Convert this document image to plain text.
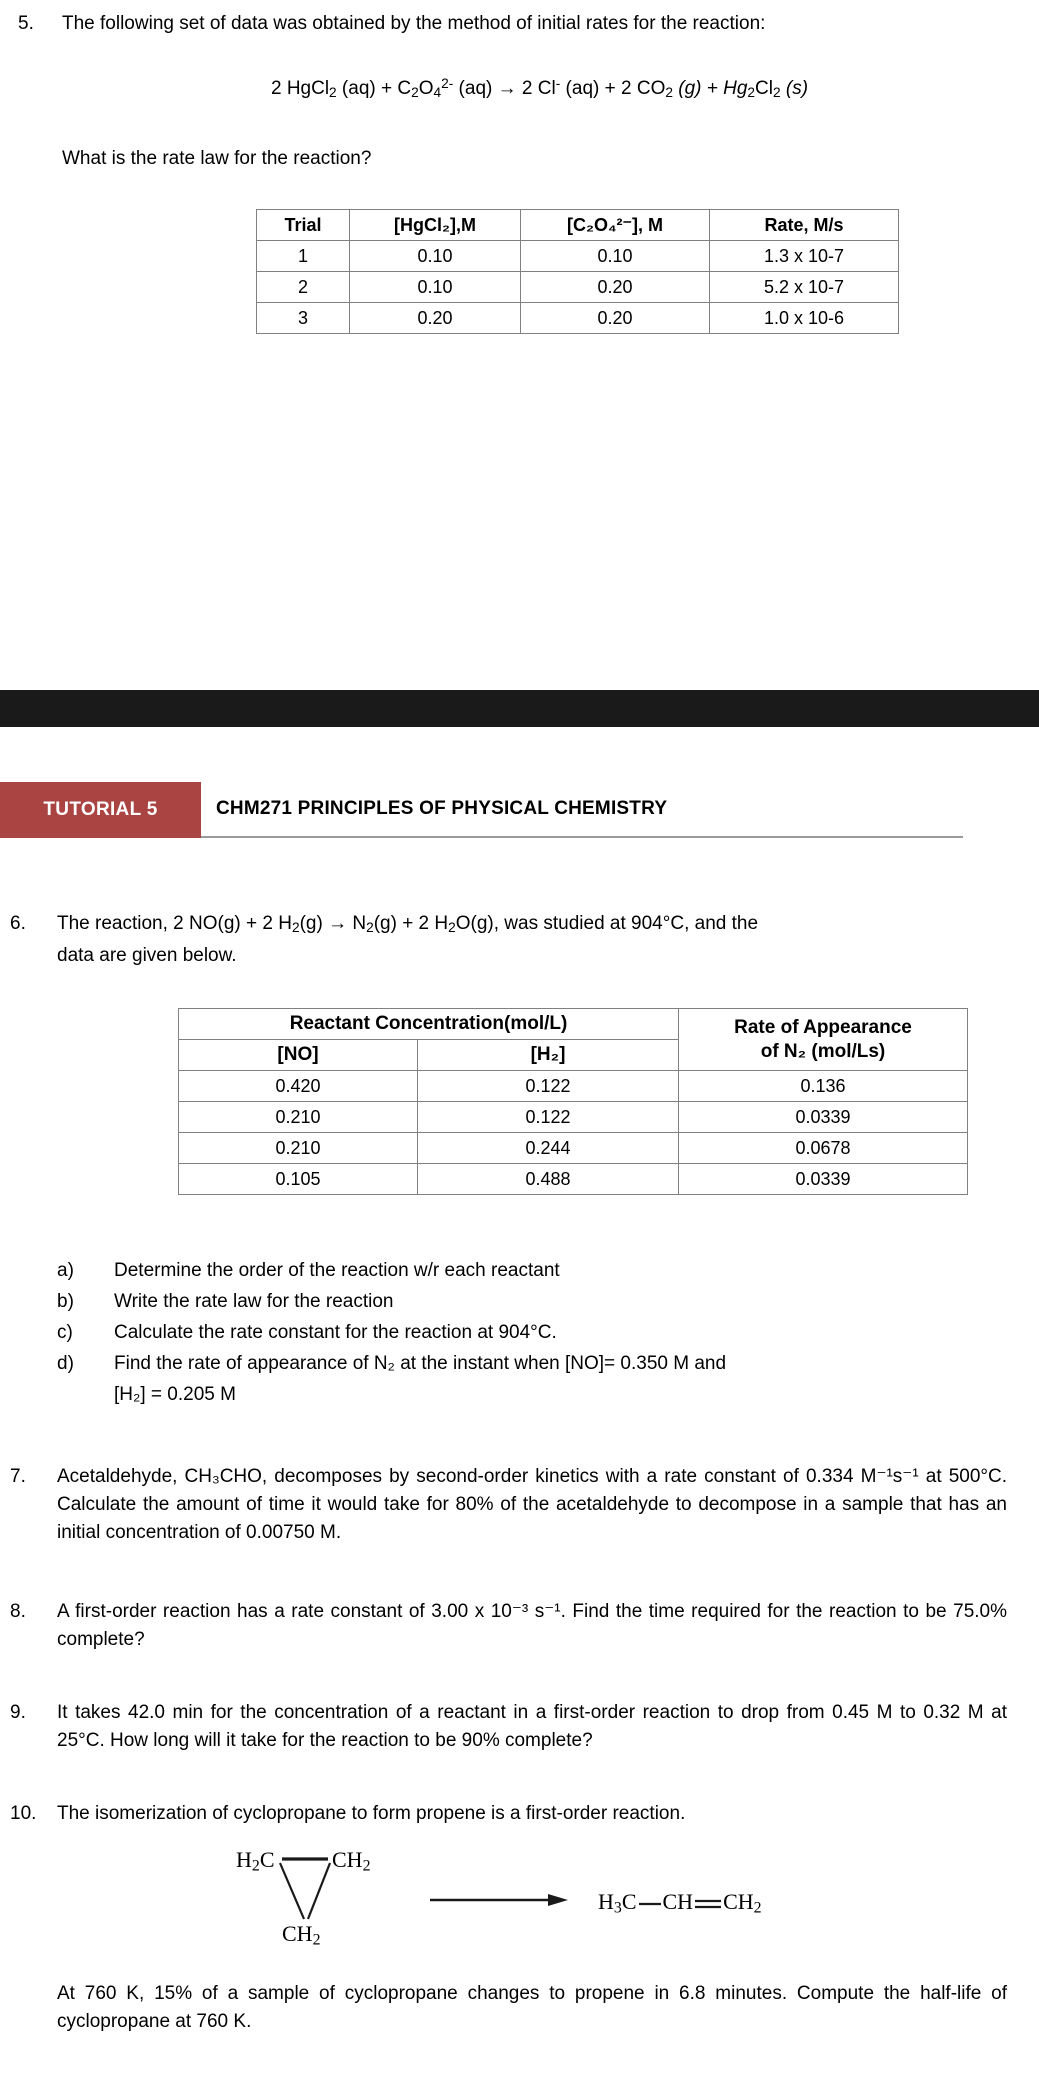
5.	The following set of data was obtained by the method of initial rates for the reaction:
2 HgCl$_2$ $(aq) + C_2O_4^{2-}$ (aq) → 2 Cl- (aq) + 2 $CO_2$ $(g) + Hg_2Cl_2$ (s)
What is the rate law for the reaction?
Trial	[HgCl₂],M	[C₂O₄²⁻], M	Rate, M/s
1	0.10	0.10	1.3 x 10-7
2	0.10	0.20	5.2 x 10-7
3	0.20	0.20	1.0 x 10-6
TUTORIAL 5	CHM271 PRINCIPLES OF PHYSICAL CHEMISTRY
6.	The reaction, 2 NO(g) + 2 $H_2(g) \to N_2(g) + 2$ $H_2O(g)$, was studied at 904°C, and the
data are given below.
Reactant Concentration(mol/L)		Rate of Appearance
of N₂ (mol/Ls)

[NO]	[H₂]	
0.420	0.122	0.136
0.210	0.122	0.0339
0.210	0.244	0.0678
0.105	0.488	0.0339
a)	Determine the order of the reaction w/r each reactant
b)	Write the rate law for the reaction
c)	Calculate the rate constant for the reaction at 904°C.
d)	Find the rate of appearance of N₂ at the instant when [NO]= 0.350 M and
[H₂] = 0.205 M
7.	Acetaldehyde, CH₃CHO, decomposes by second-order kinetics with a rate constant of 0.334 M⁻¹s⁻¹ at 500°C. Calculate the amount of time it would take for 80% of the acetaldehyde to decompose in a sample that has an initial concentration of 0.00750 M.
8.	A first-order reaction has a rate constant of 3.00 x 10⁻³ s⁻¹. Find the time required for the reaction to be 75.0% complete?
9.	It takes 42.0 min for the concentration of a reactant in a first-order reaction to drop from 0.45 M to 0.32 M at 25°C. How long will it take for the reaction to be 90% complete?
10.	The isomerization of cyclopropane to form propene is a first-order reaction.
$H_2C$	$CH_2$
$CH_2$
$H_3C$ CH $CH_2$

At 760 K, 15% of a sample of cyclopropane changes to propene in 6.8 minutes. Compute the half-life of cyclopropane at 760 K.
